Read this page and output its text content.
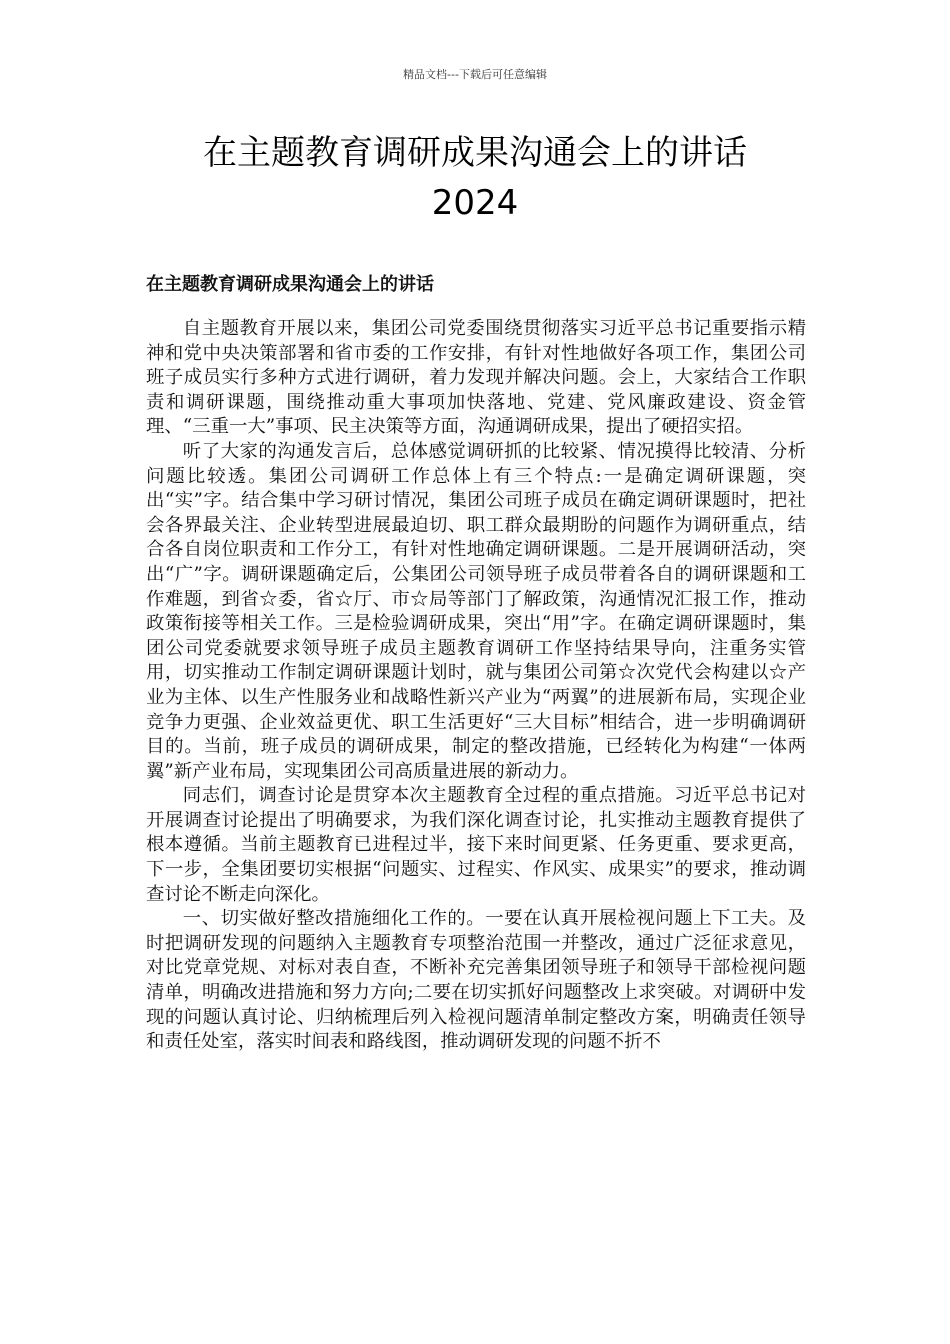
精品文档---下载后可任意编辑
在主题教育调研成果沟通会上的讲话
2024
在主题教育调研成果沟通会上的讲话

自主题教育开展以来，集团公司党委围绕贯彻落实习近平总书记重要指示精神和党中央决策部署和省市委的工作安排，有针对性地做好各项工作，集团公司班子成员实行多种方式进行调研，着力发现并解决问题。会上，大家结合工作职责和调研课题，围绕推动重大事项加快落地、党建、党风廉政建设、资金管理、“三重一大”事项、民主决策等方面，沟通调研成果，提出了硬招实招。

听了大家的沟通发言后，总体感觉调研抓的比较紧、情况摸得比较清、分析问题比较透。集团公司调研工作总体上有三个特点:一是确定调研课题，突出“实”字。结合集中学习研讨情况，集团公司班子成员在确定调研课题时，把社会各界最关注、企业转型进展最迫切、职工群众最期盼的问题作为调研重点，结合各自岗位职责和工作分工，有针对性地确定调研课题。二是开展调研活动，突出“广”字。调研课题确定后，公集团公司领导班子成员带着各自的调研课题和工作难题，到省☆委，省☆厅、市☆局等部门了解政策，沟通情况汇报工作，推动政策衔接等相关工作。三是检验调研成果，突出“用”字。在确定调研课题时，集团公司党委就要求领导班子成员主题教育调研工作坚持结果导向，注重务实管用，切实推动工作制定调研课题计划时，就与集团公司第☆次党代会构建以☆产业为主体、以生产性服务业和战略性新兴产业为“两翼”的进展新布局，实现企业竞争力更强、企业效益更优、职工生活更好“三大目标”相结合，进一步明确调研目的。当前，班子成员的调研成果，制定的整改措施，已经转化为构建“一体两翼”新产业布局，实现集团公司高质量进展的新动力。

同志们，调查讨论是贯穿本次主题教育全过程的重点措施。习近平总书记对开展调查讨论提出了明确要求，为我们深化调查讨论，扎实推动主题教育提供了根本遵循。当前主题教育已进程过半，接下来时间更紧、任务更重、要求更高，下一步，全集团要切实根据“问题实、过程实、作风实、成果实”的要求，推动调查讨论不断走向深化。

一、切实做好整改措施细化工作的。一要在认真开展检视问题上下工夫。及时把调研发现的问题纳入主题教育专项整治范围一并整改，通过广泛征求意见，对比党章党规、对标对表自查，不断补充完善集团领导班子和领导干部检视问题清单，明确改进措施和努力方向;二要在切实抓好问题整改上求突破。对调研中发现的问题认真讨论、归纳梳理后列入检视问题清单制定整改方案，明确责任领导和责任处室，落实时间表和路线图，推动调研发现的问题不折不
